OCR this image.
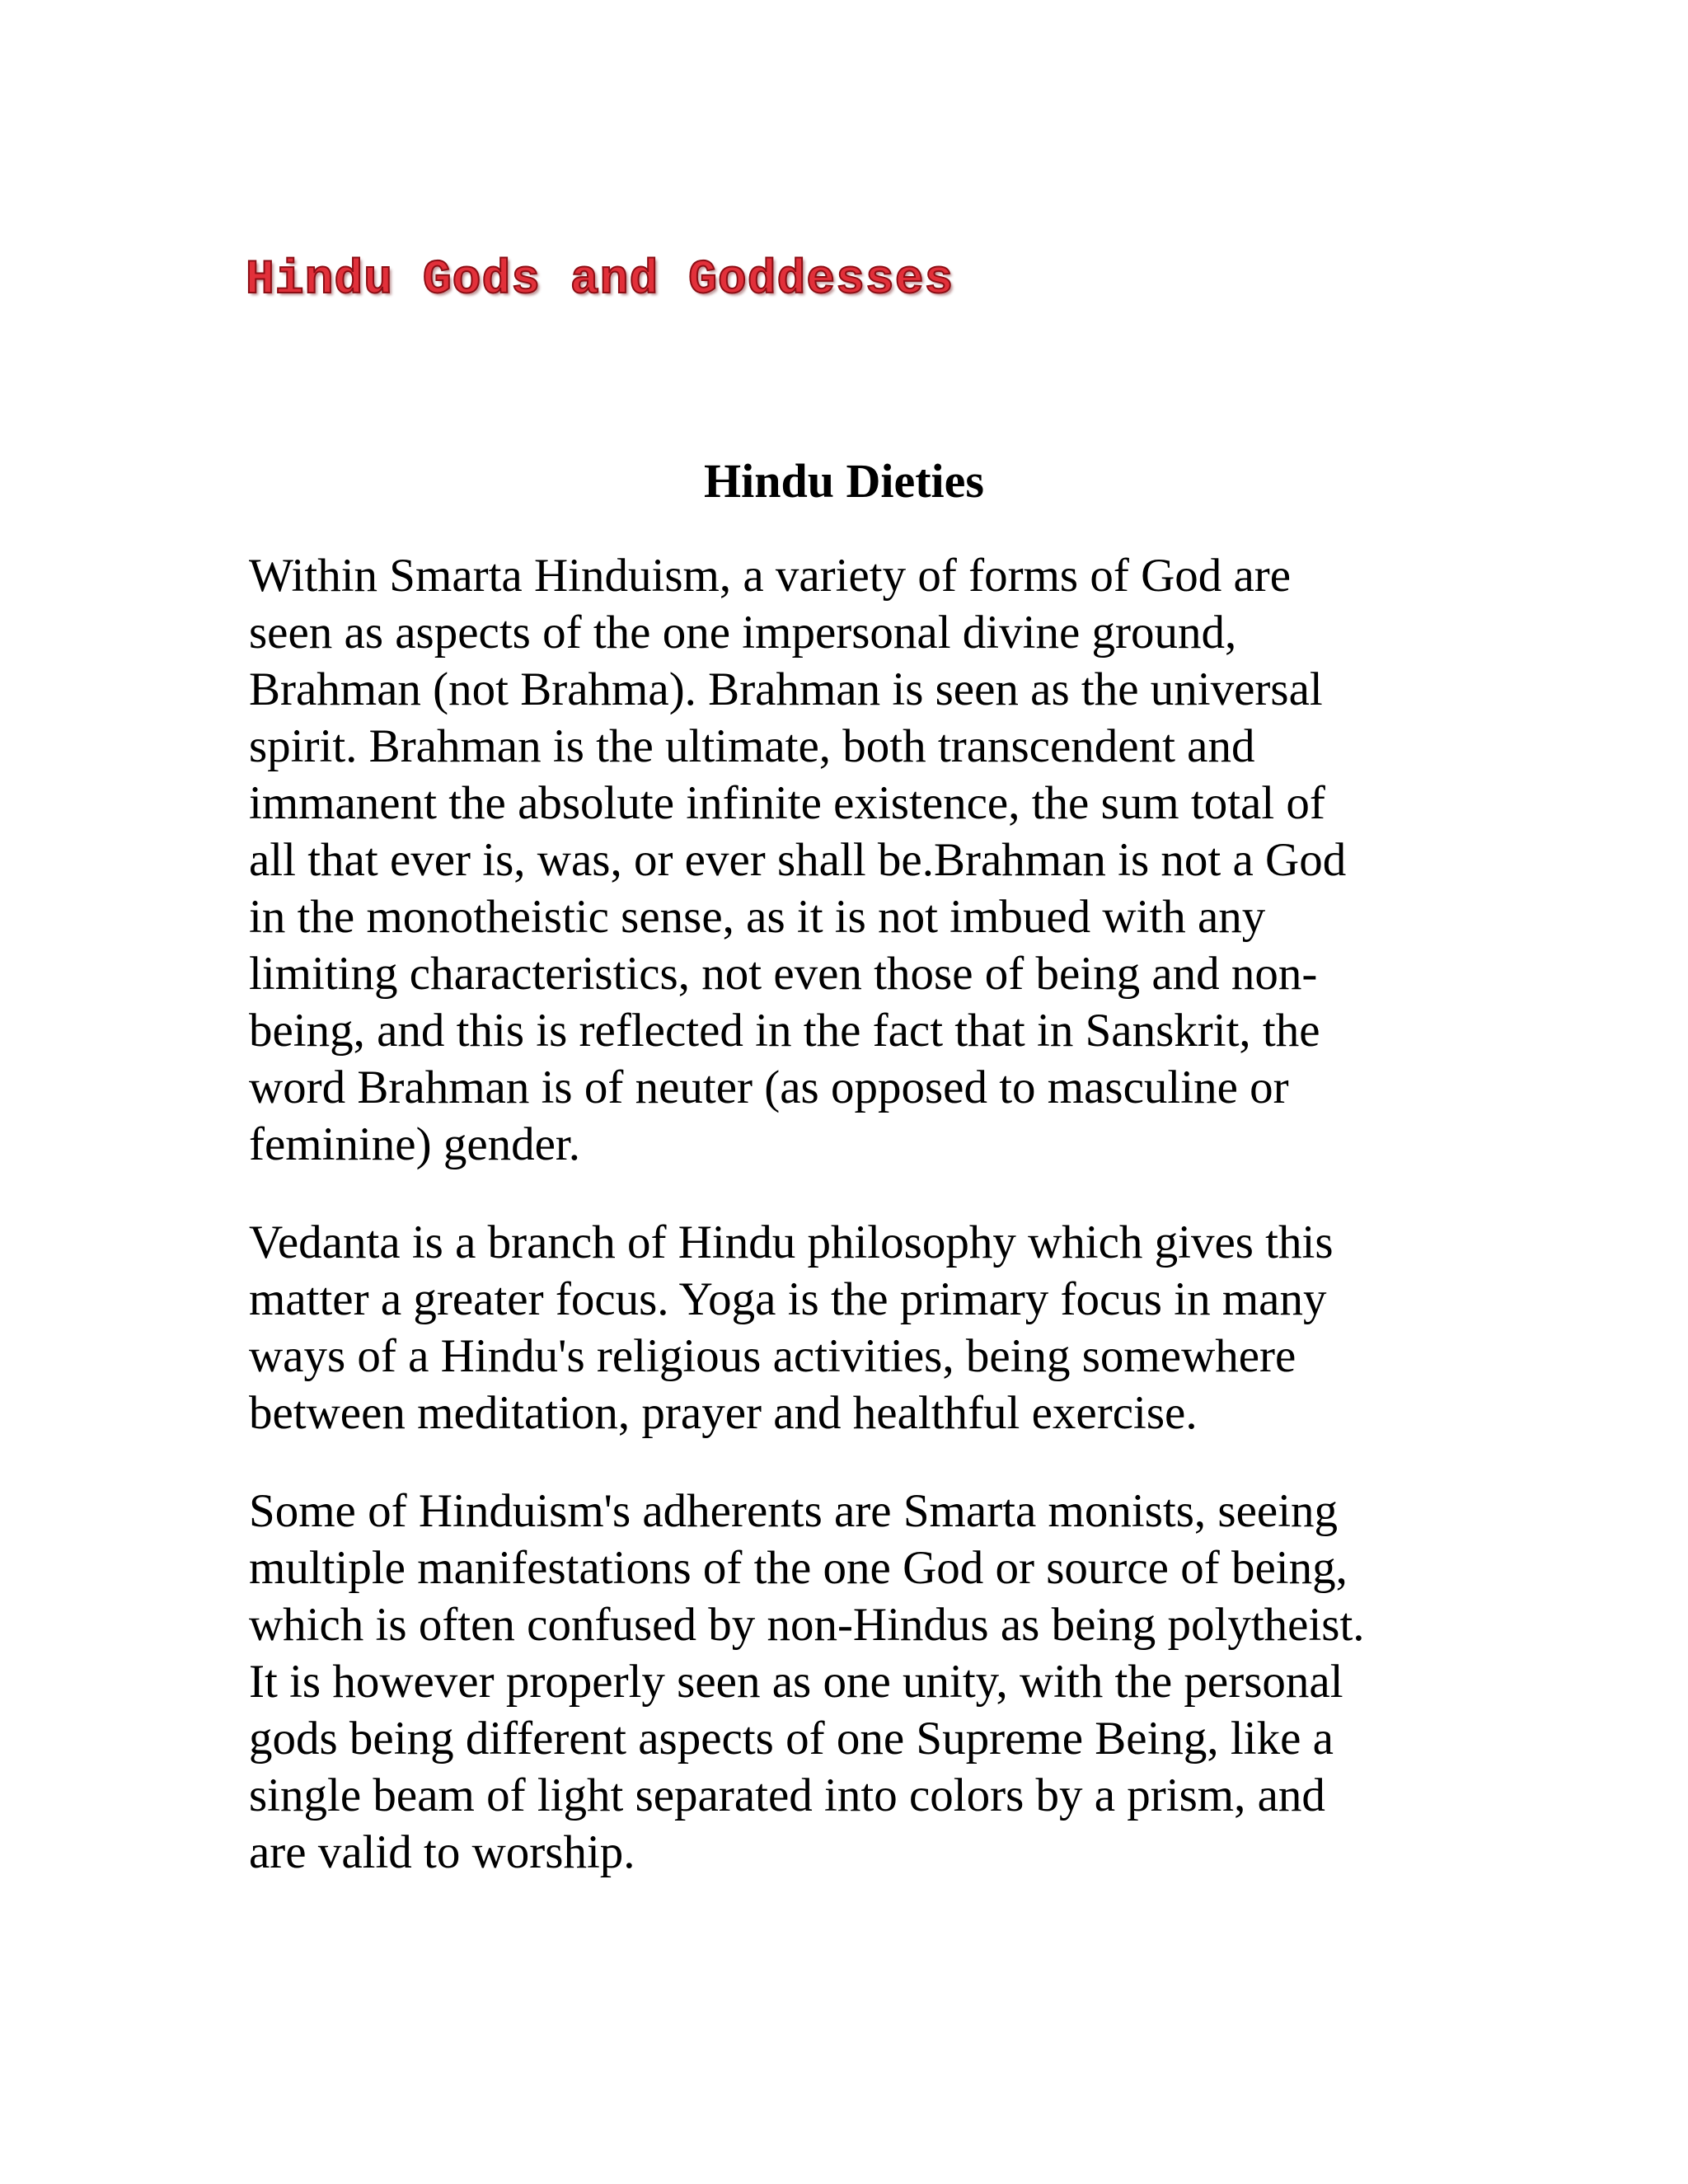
Hindu Gods and Goddesses
Hindu Dieties

Within Smarta Hinduism, a variety of forms of God are
seen as aspects of the one impersonal divine ground,
Brahman (not Brahma). Brahman is seen as the universal
spirit. Brahman is the ultimate, both transcendent and
immanent the absolute infinite existence, the sum total of
all that ever is, was, or ever shall be.Brahman is not a God
in the monotheistic sense, as it is not imbued with any
limiting characteristics, not even those of being and non-
being, and this is reflected in the fact that in Sanskrit, the
word Brahman is of neuter (as opposed to masculine or
feminine) gender.

Vedanta is a branch of Hindu philosophy which gives this
matter a greater focus. Yoga is the primary focus in many
ways of a Hindu's religious activities, being somewhere
between meditation, prayer and healthful exercise.

Some of Hinduism's adherents are Smarta monists, seeing
multiple manifestations of the one God or source of being,
which is often confused by non-Hindus as being polytheist.
It is however properly seen as one unity, with the personal
gods being different aspects of one Supreme Being, like a
single beam of light separated into colors by a prism, and
are valid to worship.
